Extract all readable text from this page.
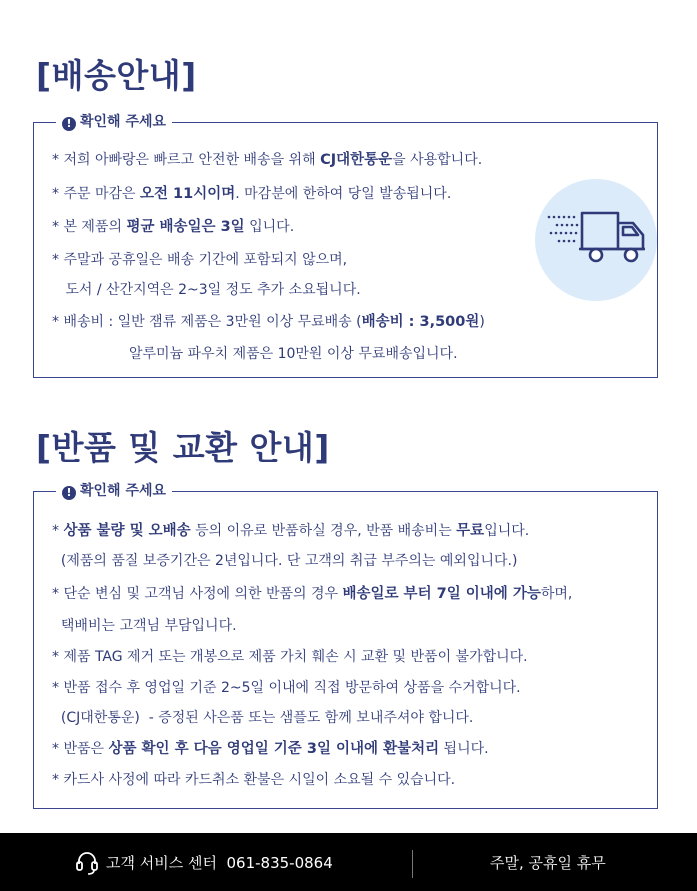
[배송안내]
! 확인해 주세요
* 저희 아빠랑은 빠르고 안전한 배송을 위해 CJ대한통운을 사용합니다.
* 주문 마감은 오전 11시이며. 마감분에 한하여 당일 발송됩니다.
* 본 제품의 평균 배송일은 3일 입니다.
* 주말과 공휴일은 배송 기간에 포함되지 않으며,
도서 / 산간지역은 2~3일 정도 추가 소요됩니다.
* 배송비 : 일반 잼류 제품은 3만원 이상 무료배송 (배송비 : 3,500원)
알루미늄 파우치 제품은 10만원 이상 무료배송입니다.
[반품 및 교환 안내]
! 확인해 주세요
* 상품 불량 및 오배송 등의 이유로 반품하실 경우, 반품 배송비는 무료입니다.
(제품의 품질 보증기간은 2년입니다. 단 고객의 취급 부주의는 예외입니다.)
* 단순 변심 및 고객님 사정에 의한 반품의 경우 배송일로 부터 7일 이내에 가능하며,
택배비는 고객님 부담입니다.
* 제품 TAG 제거 또는 개봉으로 제품 가치 훼손 시 교환 및 반품이 불가합니다.
* 반품 접수 후 영업일 기준 2~5일 이내에 직접 방문하여 상품을 수거합니다.
(CJ대한통운)  - 증정된 사은품 또는 샘플도 함께 보내주셔야 합니다.
* 반품은 상품 확인 후 다음 영업일 기준 3일 이내에 환불처리 됩니다.
* 카드사 사정에 따라 카드취소 환불은 시일이 소요될 수 있습니다.
고객 서비스 센터  061-835-0864	주말, 공휴일 휴무
